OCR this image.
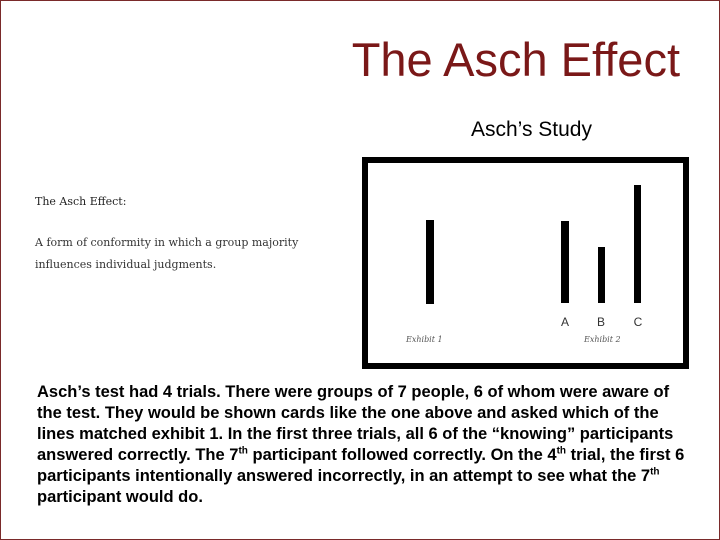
The Asch Effect
Asch’s Study
The Asch Effect:
A form of conformity in which a group majority influences individual judgments.
A B C
Exhibit 1	Exhibit 2
Asch’s test had 4 trials. There were groups of 7 people, 6 of whom were aware of the test. They would be shown cards like the one above and asked which of the lines matched exhibit 1. In the first three trials, all 6 of the “knowing” participants answered correctly. The 7th participant followed correctly. On the 4th trial, the first 6 participants intentionally answered incorrectly, in an attempt to see what the 7th participant would do.
